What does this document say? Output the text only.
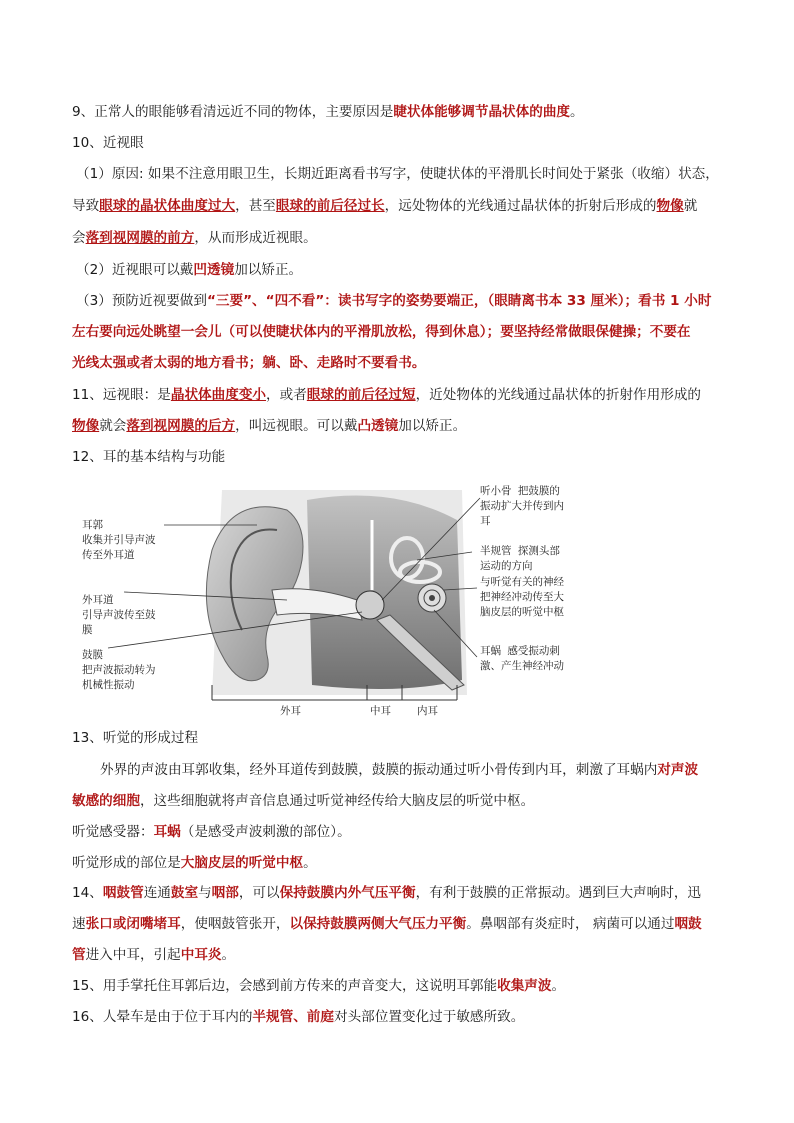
9、正常人的眼能够看清远近不同的物体，主要原因是睫状体能够调节晶状体的曲度。
10、近视眼
（1）原因: 如果不注意用眼卫生，长期近距离看书写字，使睫状体的平滑肌长时间处于紧张（收缩）状态，
导致眼球的晶状体曲度过大，甚至眼球的前后径过长，远处物体的光线通过晶状体的折射后形成的物像就
会落到视网膜的前方，从而形成近视眼。
（2）近视眼可以戴凹透镜加以矫正。
（3）预防近视要做到“三要”、“四不看”：读书写字的姿势要端正，（眼睛离书本 33 厘米）；看书 1 小时
左右要向远处眺望一会儿（可以使睫状体内的平滑肌放松，得到休息）；要坚持经常做眼保健操；不要在
光线太强或者太弱的地方看书；躺、卧、走路时不要看书。
11、远视眼：是晶状体曲度变小，或者眼球的前后径过短，近处物体的光线通过晶状体的折射作用形成的
物像就会落到视网膜的后方，叫远视眼。可以戴凸透镜加以矫正。
12、耳的基本结构与功能
耳郭
收集并引导声波
传至外耳道
外耳道
引导声波传至鼓
膜
鼓膜
把声波振动转为
机械性振动
听小骨 把鼓膜的
振动扩大并传到内
耳
半规管 探测头部
运动的方向
与听觉有关的神经
把神经冲动传至大
脑皮层的听觉中枢
耳蜗 感受振动刺
激、产生神经冲动
外耳	中耳 内耳
13、听觉的形成过程
外界的声波由耳郭收集，经外耳道传到鼓膜，鼓膜的振动通过听小骨传到内耳，刺激了耳蜗内对声波
敏感的细胞，这些细胞就将声音信息通过听觉神经传给大脑皮层的听觉中枢。
听觉感受器：耳蜗（是感受声波刺激的部位）。
听觉形成的部位是大脑皮层的听觉中枢。
14、咽鼓管连通鼓室与咽部，可以保持鼓膜内外气压平衡，有利于鼓膜的正常振动。遇到巨大声响时，迅
速张口或闭嘴堵耳，使咽鼓管张开，以保持鼓膜两侧大气压力平衡。鼻咽部有炎症时， 病菌可以通过咽鼓
管进入中耳，引起中耳炎。
15、用手掌托住耳郭后边，会感到前方传来的声音变大，这说明耳郭能收集声波。
16、人晕车是由于位于耳内的半规管、前庭对头部位置变化过于敏感所致。
